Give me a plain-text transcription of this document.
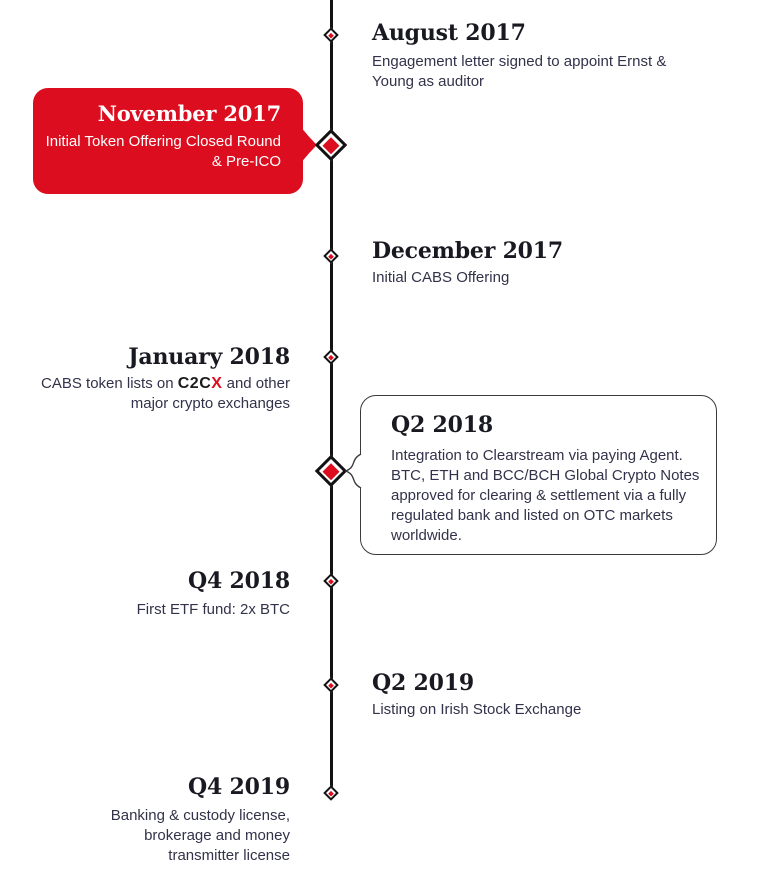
August 2017
Engagement letter signed to appoint Ernst & Young as auditor
November 2017
Initial Token Offering Closed Round & Pre-ICO
December 2017
Initial CABS Offering
January 2018
CABS token lists on C2CX and other major crypto exchanges
Q2 2018
Integration to Clearstream via paying Agent. BTC, ETH and BCC/BCH Global Crypto Notes approved for clearing & settlement via a fully regulated bank and listed on OTC markets worldwide.
Q4 2018
First ETF fund: 2x BTC
Q2 2019
Listing on Irish Stock Exchange
Q4 2019
Banking & custody license, brokerage and money transmitter license
